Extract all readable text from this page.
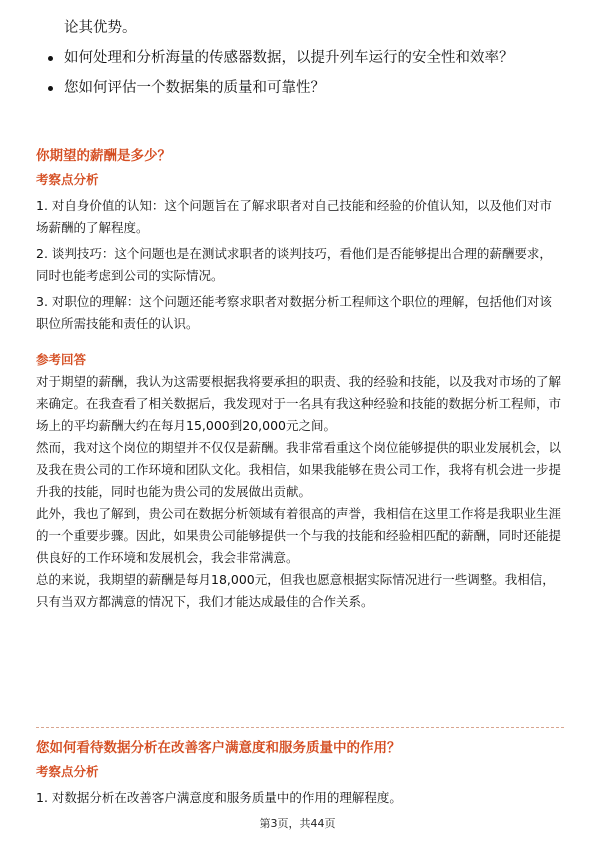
论其优势。
如何处理和分析海量的传感器数据，以提升列车运行的安全性和效率？
您如何评估一个数据集的质量和可靠性？
你期望的薪酬是多少？
考察点分析
1. 对自身价值的认知：这个问题旨在了解求职者对自己技能和经验的价值认知，以及他们对市场薪酬的了解程度。
2. 谈判技巧：这个问题也是在测试求职者的谈判技巧，看他们是否能够提出合理的薪酬要求，同时也能考虑到公司的实际情况。
3. 对职位的理解：这个问题还能考察求职者对数据分析工程师这个职位的理解，包括他们对该职位所需技能和责任的认识。
参考回答
对于期望的薪酬，我认为这需要根据我将要承担的职责、我的经验和技能，以及我对市场的了解来确定。在我查看了相关数据后，我发现对于一名具有我这种经验和技能的数据分析工程师，市场上的平均薪酬大约在每月15,000到20,000元之间。
然而，我对这个岗位的期望并不仅仅是薪酬。我非常看重这个岗位能够提供的职业发展机会，以及我在贵公司的工作环境和团队文化。我相信，如果我能够在贵公司工作，我将有机会进一步提升我的技能，同时也能为贵公司的发展做出贡献。
此外，我也了解到，贵公司在数据分析领域有着很高的声誉，我相信在这里工作将是我职业生涯的一个重要步骤。因此，如果贵公司能够提供一个与我的技能和经验相匹配的薪酬，同时还能提供良好的工作环境和发展机会，我会非常满意。
总的来说，我期望的薪酬是每月18,000元，但我也愿意根据实际情况进行一些调整。我相信，只有当双方都满意的情况下，我们才能达成最佳的合作关系。
您如何看待数据分析在改善客户满意度和服务质量中的作用？
考察点分析
1. 对数据分析在改善客户满意度和服务质量中的作用的理解程度。
第3页，共44页
